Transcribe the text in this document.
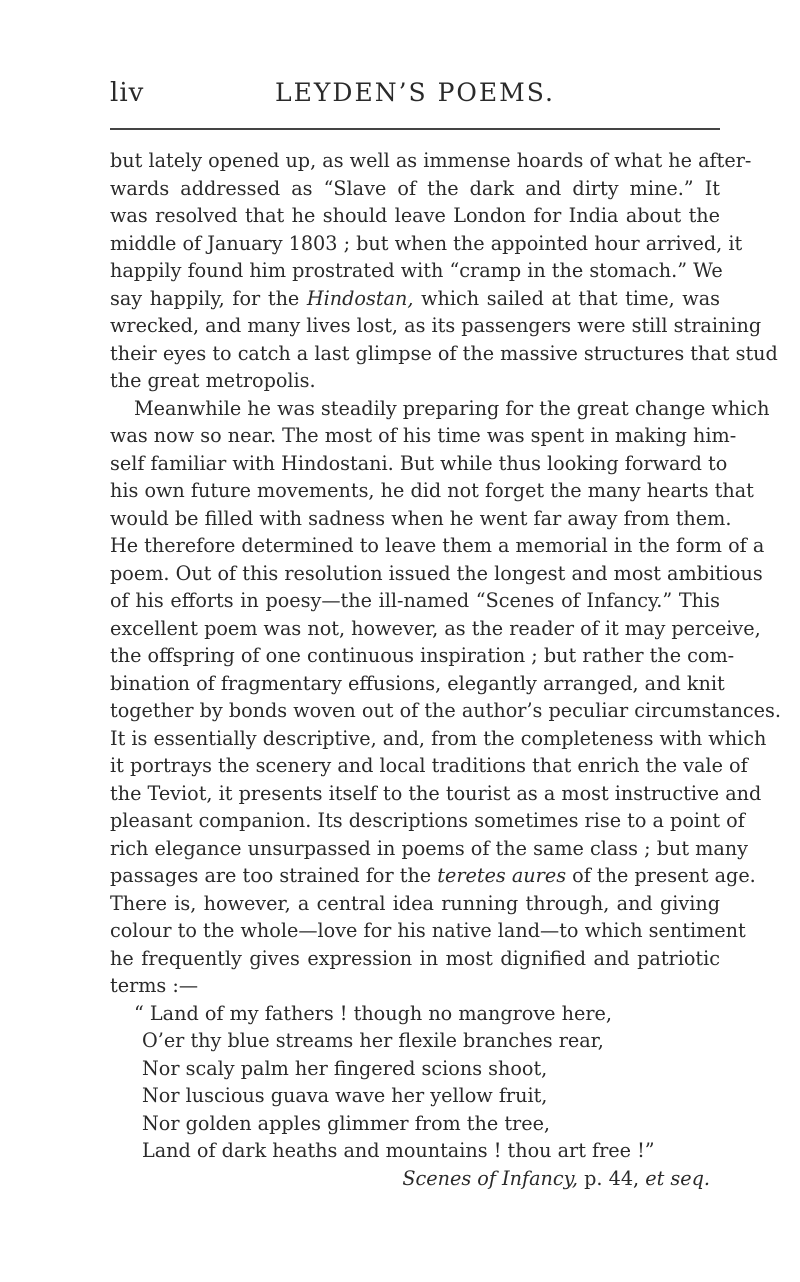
liv	LEYDEN’S POEMS.
but lately opened up, as well as immense hoards of what he after-
wards addressed as “Slave of the dark and dirty mine.” It
was resolved that he should leave London for India about the
middle of January 1803 ; but when the appointed hour arrived, it
happily found him prostrated with “cramp in the stomach.” We
say happily, for the Hindostan, which sailed at that time, was
wrecked, and many lives lost, as its passengers were still straining
their eyes to catch a last glimpse of the massive structures that stud
the great metropolis.
Meanwhile he was steadily preparing for the great change which
was now so near. The most of his time was spent in making him-
self familiar with Hindostani. But while thus looking forward to
his own future movements, he did not forget the many hearts that
would be filled with sadness when he went far away from them.
He therefore determined to leave them a memorial in the form of a
poem. Out of this resolution issued the longest and most ambitious
of his efforts in poesy—the ill-named “Scenes of Infancy.” This
excellent poem was not, however, as the reader of it may perceive,
the offspring of one continuous inspiration ; but rather the com-
bination of fragmentary effusions, elegantly arranged, and knit
together by bonds woven out of the author’s peculiar circumstances.
It is essentially descriptive, and, from the completeness with which
it portrays the scenery and local traditions that enrich the vale of
the Teviot, it presents itself to the tourist as a most instructive and
pleasant companion. Its descriptions sometimes rise to a point of
rich elegance unsurpassed in poems of the same class ; but many
passages are too strained for the teretes aures of the present age.
There is, however, a central idea running through, and giving
colour to the whole—love for his native land—to which sentiment
he frequently gives expression in most dignified and patriotic
terms :—
“ Land of my fathers ! though no mangrove here,
O’er thy blue streams her flexile branches rear,
Nor scaly palm her fingered scions shoot,
Nor luscious guava wave her yellow fruit,
Nor golden apples glimmer from the tree,
Land of dark heaths and mountains ! thou art free !”
Scenes of Infancy, p. 44, et seq.
